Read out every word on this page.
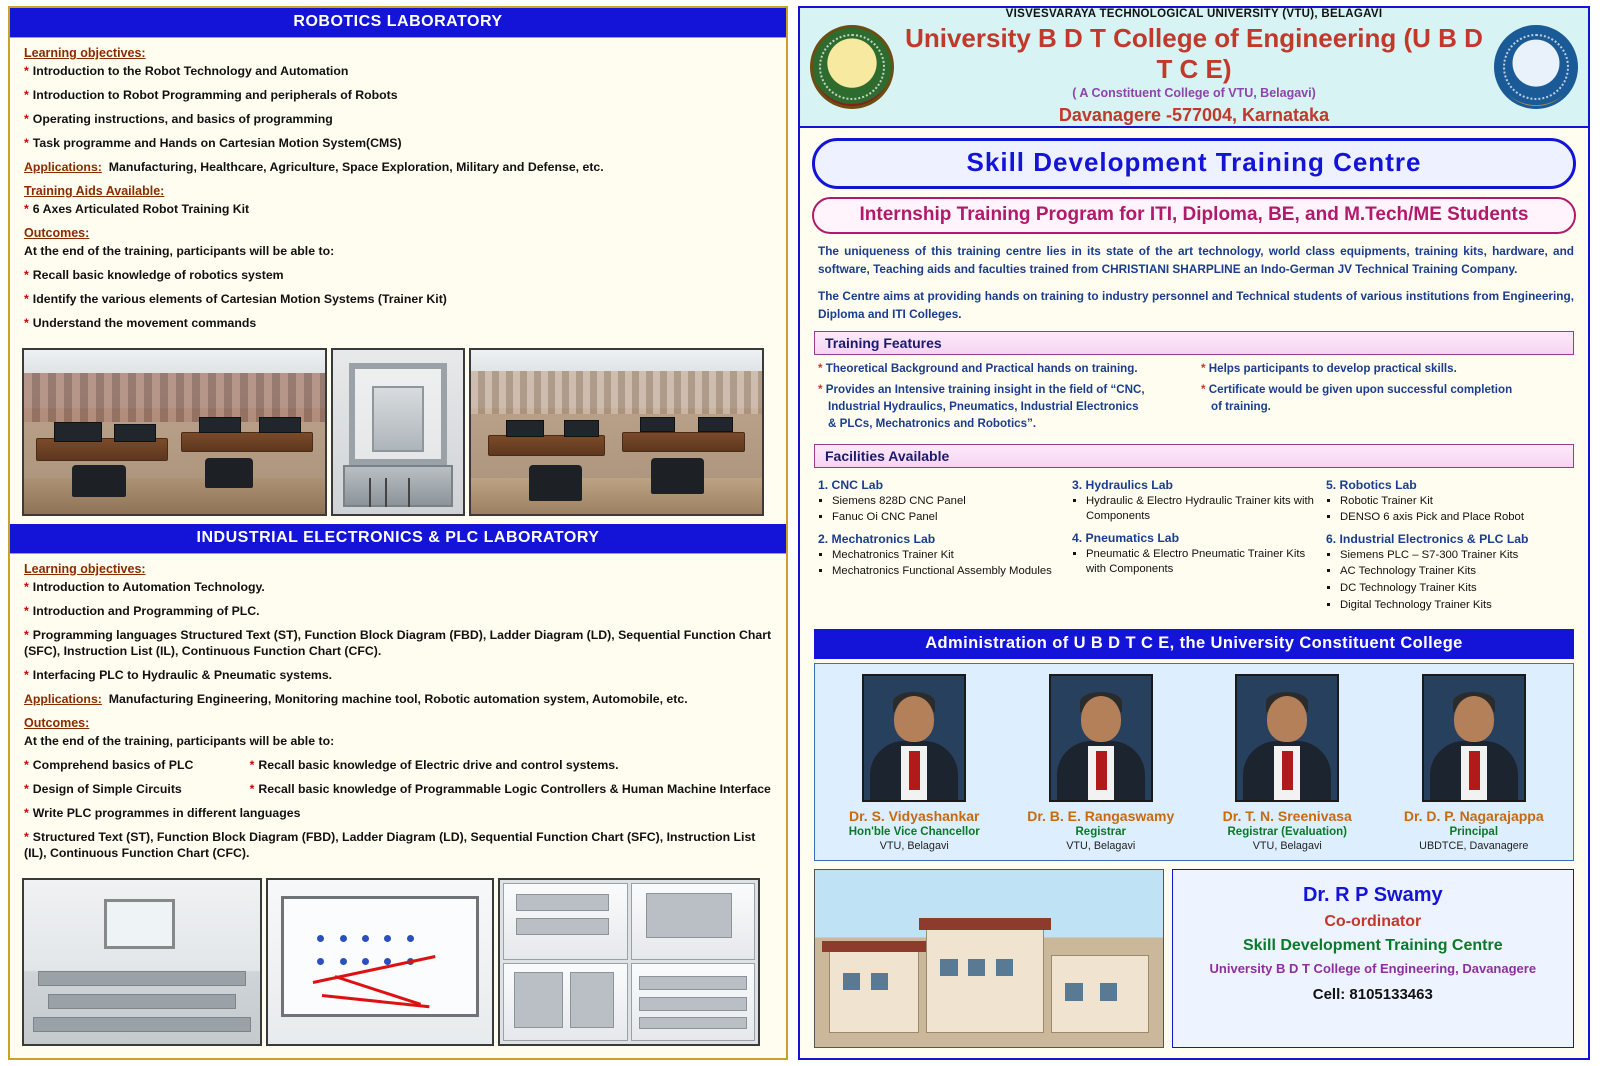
ROBOTICS LABORATORY
Learning objectives:
* Introduction to the Robot Technology and Automation
* Introduction to Robot Programming and peripherals of Robots
* Operating instructions, and basics of programming
* Task programme and Hands on Cartesian Motion System(CMS)
Applications: Manufacturing, Healthcare, Agriculture, Space Exploration, Military and Defense, etc.
Training Aids Available:
* 6 Axes Articulated Robot Training Kit
Outcomes:
At the end of the training, participants will be able to:
* Recall basic knowledge of robotics system
* Identify the various elements of Cartesian Motion Systems (Trainer Kit)
* Understand the movement commands
INDUSTRIAL ELECTRONICS & PLC LABORATORY
Learning objectives:
* Introduction to Automation Technology.
* Introduction and Programming of PLC.
* Programming languages Structured Text (ST), Function Block Diagram (FBD), Ladder Diagram (LD), Sequential Function Chart (SFC), Instruction List (IL), Continuous Function Chart (CFC).
* Interfacing PLC to Hydraulic & Pneumatic systems.
Applications: Manufacturing Engineering, Monitoring machine tool, Robotic automation system, Automobile, etc.
Outcomes:
At the end of the training, participants will be able to:
* Comprehend basics of PLC	* Recall basic knowledge of Electric drive and control systems.
* Design of Simple Circuits	* Recall basic knowledge of Programmable Logic Controllers & Human Machine Interface
* Write PLC programmes in different languages
* Structured Text (ST), Function Block Diagram (FBD), Ladder Diagram (LD), Sequential Function Chart (SFC), Instruction List (IL), Continuous Function Chart (CFC).
VISVESVARAYA TECHNOLOGICAL UNIVERSITY (VTU), BELAGAVI
University B D T College of Engineering (U B D T C E)
( A Constituent College of VTU, Belagavi)
Davanagere -577004, Karnataka
Skill Development Training Centre
Internship Training Program for ITI, Diploma, BE, and M.Tech/ME Students
The uniqueness of this training centre lies in its state of the art technology, world class equipments, training kits, hardware, and software, Teaching aids and faculties trained from CHRISTIANI SHARPLINE an Indo-German JV Technical Training Company.
The Centre aims at providing hands on training to industry personnel and Technical students of various institutions from Engineering, Diploma and ITI Colleges.
Training Features
* Theoretical Background and Practical hands on training.
* Provides an Intensive training insight in the field of “CNC,
Industrial Hydraulics, Pneumatics, Industrial Electronics
& PLCs, Mechatronics and Robotics”.
* Helps participants to develop practical skills.
* Certificate would be given upon successful completion
of training.
Facilities Available
1. CNC Lab
▪ Siemens 828D CNC Panel
▪ Fanuc Oi CNC Panel
2. Mechatronics Lab
▪ Mechatronics Trainer Kit
▪ Mechatronics Functional Assembly Modules
3. Hydraulics Lab
▪ Hydraulic & Electro Hydraulic Trainer kits with Components
4. Pneumatics Lab
▪ Pneumatic & Electro Pneumatic Trainer Kits with Components
5. Robotics Lab
▪ Robotic Trainer Kit
▪ DENSO 6 axis Pick and Place Robot
6. Industrial Electronics & PLC Lab
▪ Siemens PLC – S7-300 Trainer Kits
▪ AC Technology Trainer Kits
▪ DC Technology Trainer Kits
▪ Digital Technology Trainer Kits
Administration of U B D T C E, the University Constituent College
Dr. S. Vidyashankar
Hon'ble Vice Chancellor
VTU, Belagavi
Dr. B. E. Rangaswamy
Registrar
VTU, Belagavi
Dr. T. N. Sreenivasa
Registrar (Evaluation)
VTU, Belagavi
Dr. D. P. Nagarajappa
Principal
UBDTCE, Davanagere
Dr. R P Swamy
Co-ordinator
Skill Development Training Centre
University B D T College of Engineering, Davanagere
Cell: 8105133463
